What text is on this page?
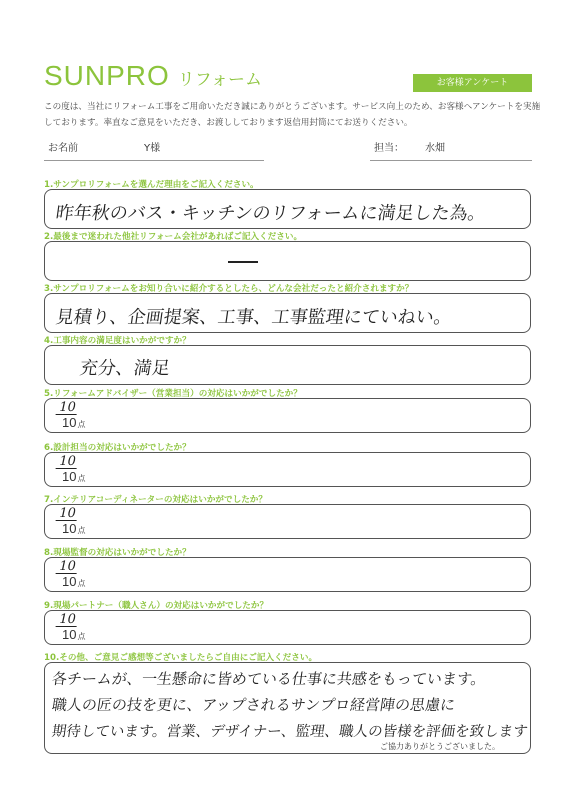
SUNPRO リフォーム	お客様アンケート
この度は、当社にリフォーム工事をご用命いただき誠にありがとうございます。サービス向上のため、お客様へアンケートを実施しております。率直なご意見をいただき、お渡ししております返信用封筒にてお送りください。
お名前	Y様	担当： 水畑
1.サンプロリフォームを選んだ理由をご記入ください。
昨年秋のバス・キッチンのリフォームに満足した為。
2.最後まで迷われた他社リフォーム会社があればご記入ください。
3.サンプロリフォームをお知り合いに紹介するとしたら、どんな会社だったと紹介されますか？
見積り、企画提案、工事、工事監理にていねい。
4.工事内容の満足度はいかがですか？
充分、満足
5.リフォームアドバイザー（営業担当）の対応はいかがでしたか？
10
10 点
6.設計担当の対応はいかがでしたか？
10
10 点
7.インテリアコーディネーターの対応はいかがでしたか？
10
10 点
8.現場監督の対応はいかがでしたか？
10
10 点
9.現場パートナー（職人さん）の対応はいかがでしたか？
10
10 点
10.その他、ご意見ご感想等ございましたらご自由にご記入ください。
各チームが、一生懸命に皆めている仕事に共感をもっています。
職人の匠の技を更に、アップされるサンプロ経営陣の思慮に
期待しています。営業、デザイナー、監理、職人の皆様を評価を致します
ご協力ありがとうございました。
